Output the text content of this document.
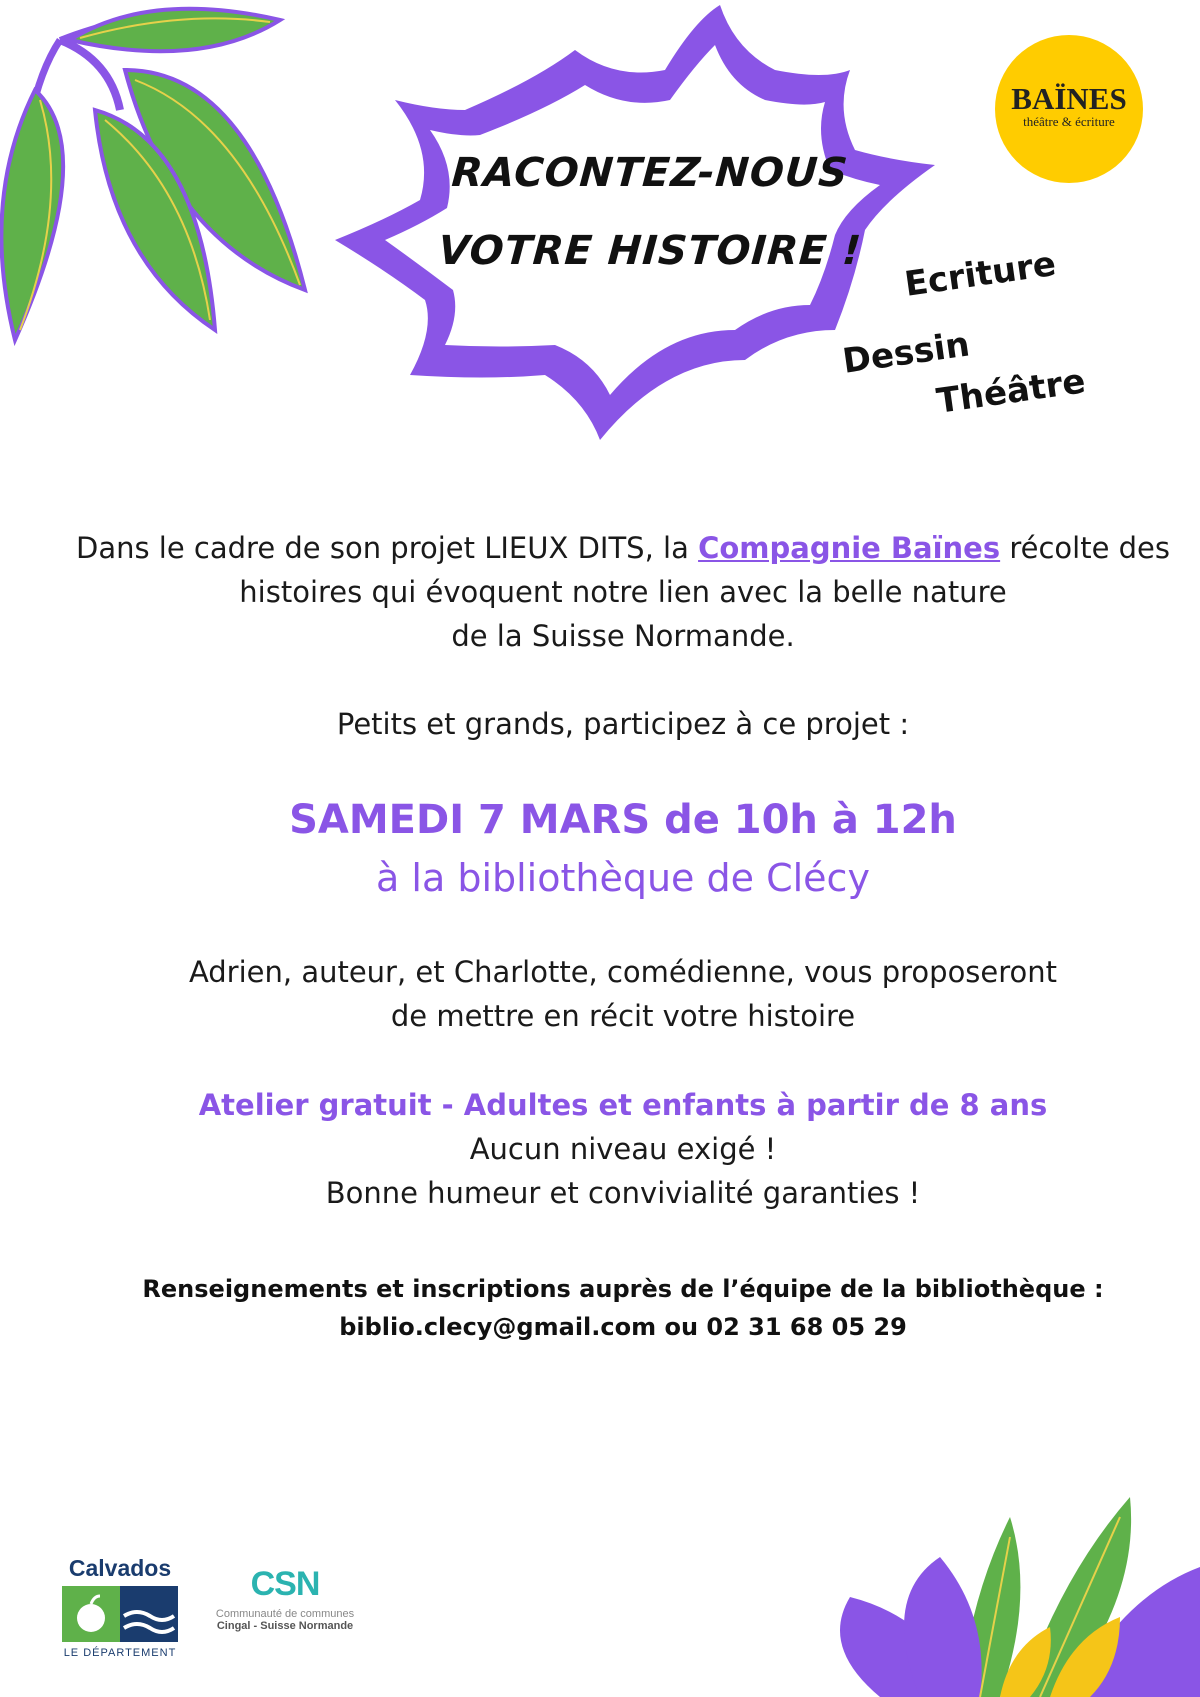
RACONTEZ-NOUS
VOTRE HISTOIRE !
BAÏNES
théâtre & écriture
Ecriture
Dessin
Théâtre
Dans le cadre de son projet LIEUX DITS, la Compagnie Baïnes récolte des histoires qui évoquent notre lien avec la belle nature
de la Suisse Normande.
Petits et grands, participez à ce projet :
SAMEDI 7 MARS de 10h à 12h
à la bibliothèque de Clécy
Adrien, auteur, et Charlotte, comédienne, vous proposeront
de mettre en récit votre histoire
Atelier gratuit - Adultes et enfants à partir de 8 ans
Aucun niveau exigé !
Bonne humeur et convivialité garanties !
Renseignements et inscriptions auprès de l’équipe de la bibliothèque :
biblio.clecy@gmail.com ou 02 31 68 05 29
Calvados
LE DÉPARTEMENT
CSN
Communauté de communes
Cingal - Suisse Normande
